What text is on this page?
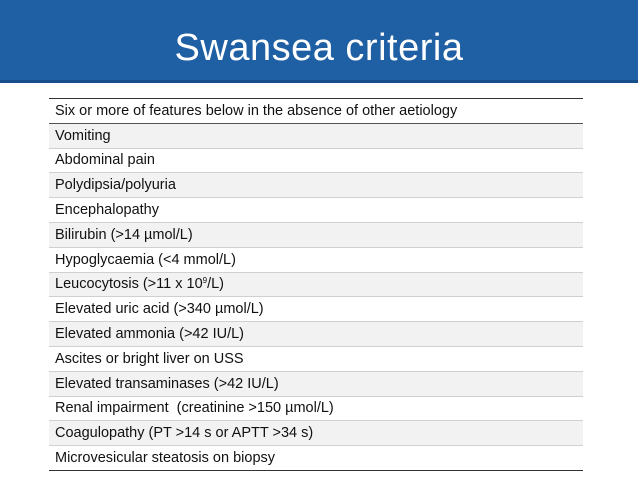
Swansea criteria
Six or more of features below in the absence of other aetiology
Vomiting
Abdominal pain
Polydipsia/polyuria
Encephalopathy
Bilirubin (>14 µmol/L)
Hypoglycaemia (<4 mmol/L)
Leucocytosis (>11 x $10^9/L$)
Elevated uric acid (>340 µmol/L)
Elevated ammonia (>42 IU/L)
Ascites or bright liver on USS
Elevated transaminases (>42 IU/L)
Renal impairment  (creatinine >150 µmol/L)
Coagulopathy (PT >14 s or APTT >34 s)
Microvesicular steatosis on biopsy
